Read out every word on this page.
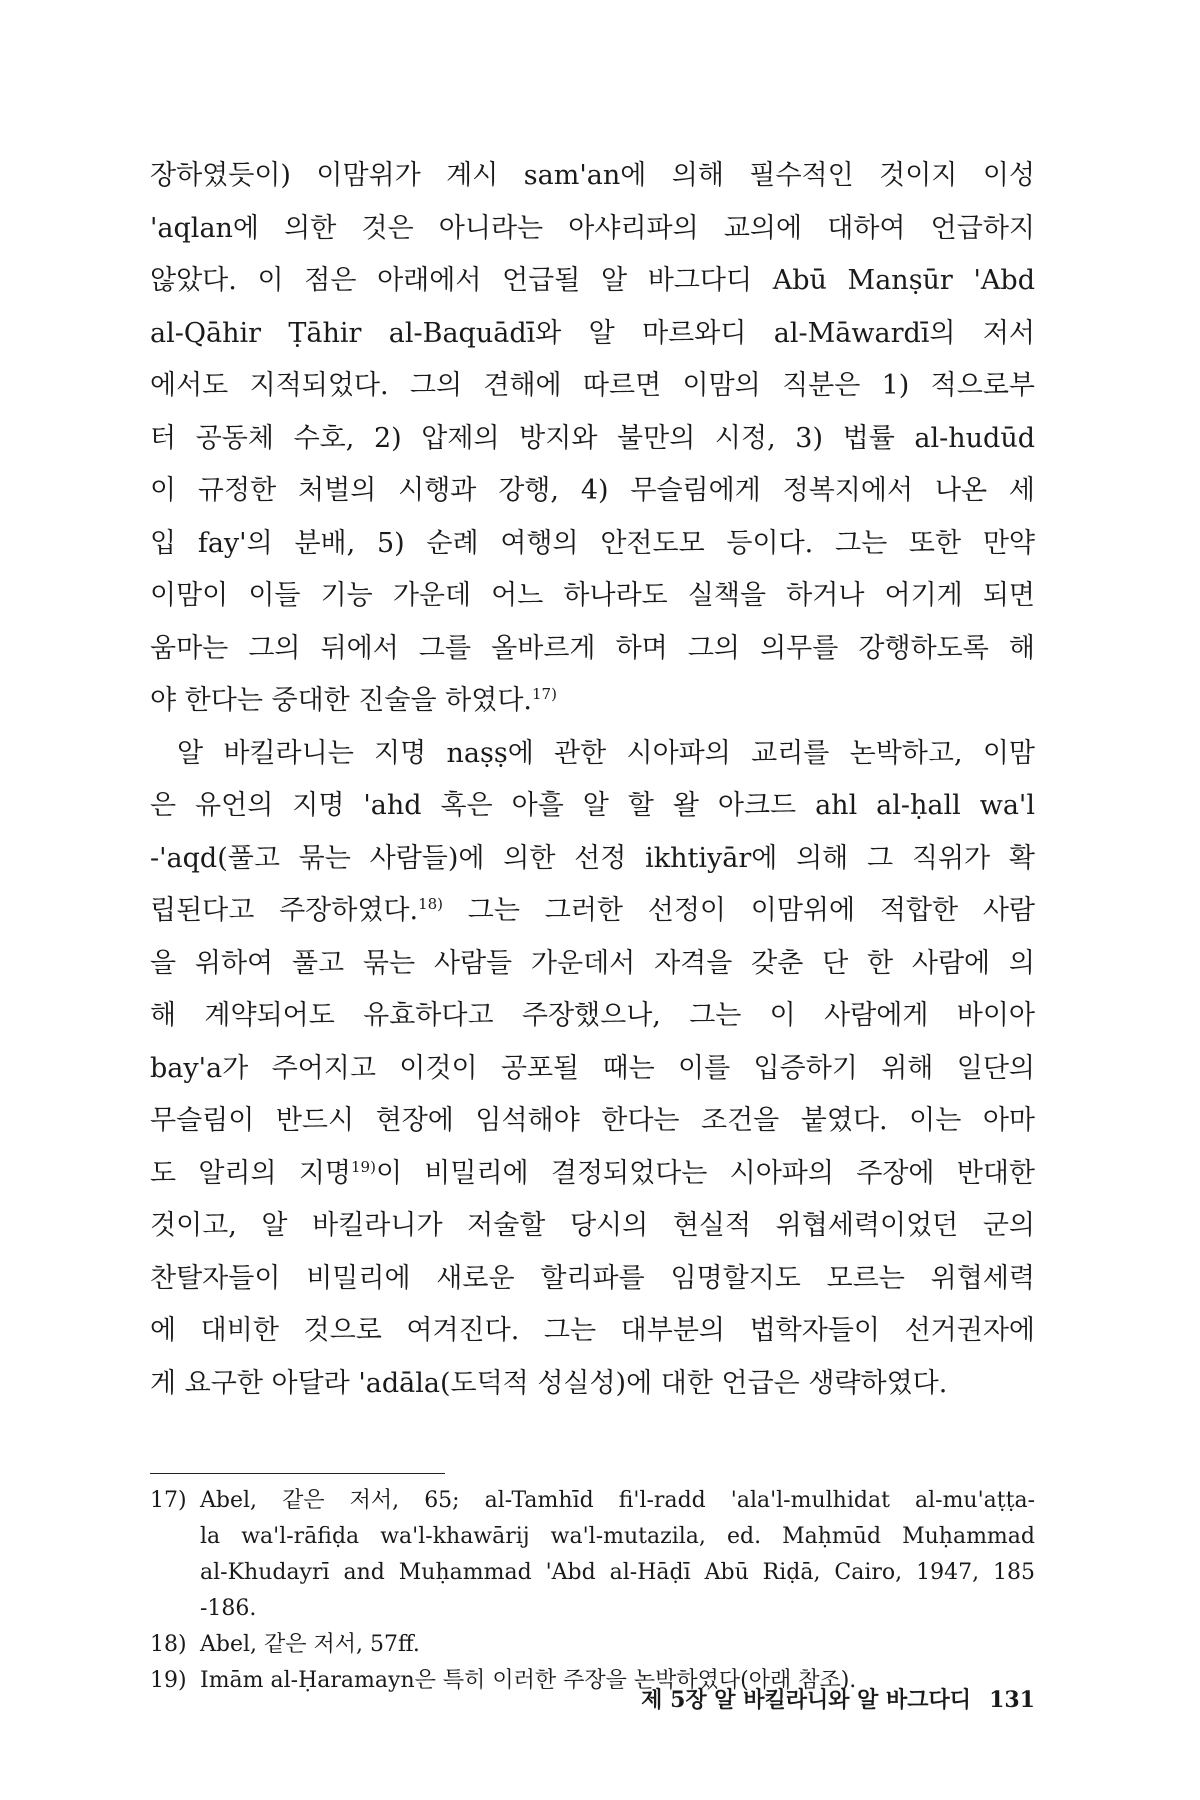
장하였듯이) 이맘위가 계시 sam'an에 의해 필수적인 것이지 이성
'aqlan에 의한 것은 아니라는 아샤리파의 교의에 대하여 언급하지
않았다. 이 점은 아래에서 언급될 알 바그다디 Abū Manṣūr 'Abd
al-Qāhir Ṭāhir al-Baquādī와 알 마르와디 al-Māwardī의 저서
에서도 지적되었다. 그의 견해에 따르면 이맘의 직분은 1) 적으로부
터 공동체 수호, 2) 압제의 방지와 불만의 시정, 3) 법률 al-hudūd
이 규정한 처벌의 시행과 강행, 4) 무슬림에게 정복지에서 나온 세
입 fay'의 분배, 5) 순례 여행의 안전도모 등이다. 그는 또한 만약
이맘이 이들 기능 가운데 어느 하나라도 실책을 하거나 어기게 되면
움마는 그의 뒤에서 그를 올바르게 하며 그의 의무를 강행하도록 해
야 한다는 중대한 진술을 하였다.$^{17)}$
알 바킬라니는 지명 naṣṣ에 관한 시아파의 교리를 논박하고, 이맘
은 유언의 지명 'ahd 혹은 아흘 알 할 왈 아크드 ahl al-ḥall wa'l
-'aqd(풀고 묶는 사람들)에 의한 선정 ikhtiyār에 의해 그 직위가 확
립된다고 주장하였다.$^{18)}$ 그는 그러한 선정이 이맘위에 적합한 사람
을 위하여 풀고 묶는 사람들 가운데서 자격을 갖춘 단 한 사람에 의
해 계약되어도 유효하다고 주장했으나, 그는 이 사람에게 바이아
bay'a가 주어지고 이것이 공포될 때는 이를 입증하기 위해 일단의
무슬림이 반드시 현장에 임석해야 한다는 조건을 붙였다. 이는 아마
도 알리의 지명$^{19)}$이 비밀리에 결정되었다는 시아파의 주장에 반대한
것이고, 알 바킬라니가 저술할 당시의 현실적 위협세력이었던 군의
찬탈자들이 비밀리에 새로운 할리파를 임명할지도 모르는 위협세력
에 대비한 것으로 여겨진다. 그는 대부분의 법학자들이 선거권자에
게 요구한 아달라 'adāla(도덕적 성실성)에 대한 언급은 생략하였다.
17) Abel, 같은 저서, 65; al-Tamhīd fi'l-radd 'ala'l-mulhidat al-mu'aṭṭa-
la wa'l-rāfiḍa wa'l-khawārij wa'l-mutazila, ed. Maḥmūd Muḥammad
al-Khudayrī and Muḥammad 'Abd al-Hāḍī Abū Riḍā, Cairo, 1947, 185
-186.
18) Abel, 같은 저서, 57ff.
19) Imām al-Ḥaramayn은 특히 이러한 주장을 논박하였다(아래 참조).
제 5장 알 바킬라니와 알 바그다디 131
